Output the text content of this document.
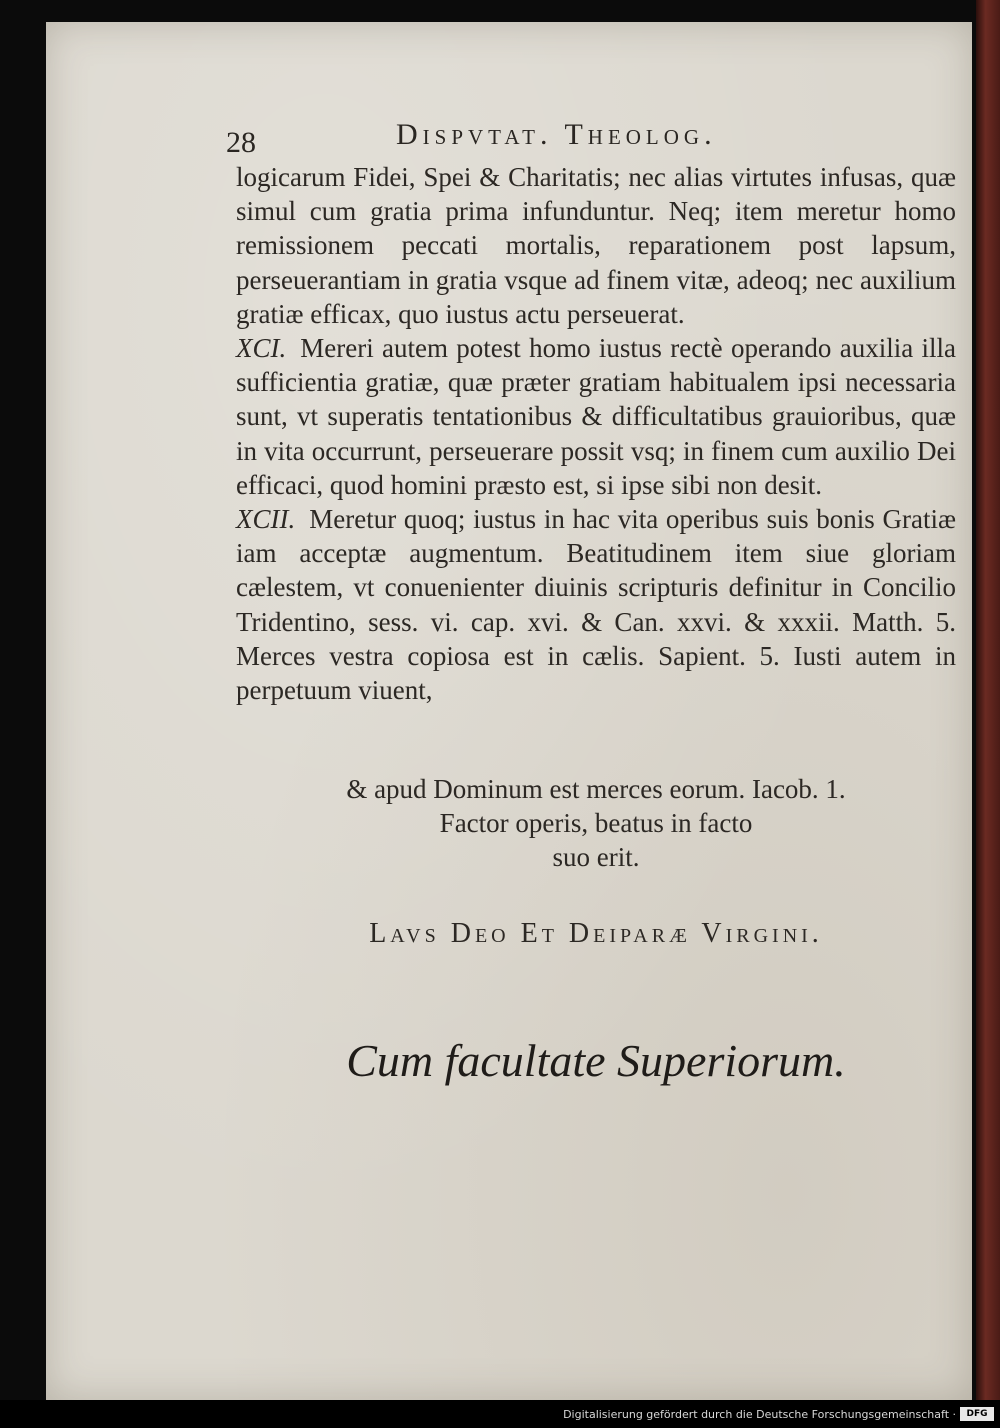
28	Dispvtat. Theolog.

logicarum Fidei, Spei & Charitatis; nec alias virtutes infusas, quæ simul cum gratia prima infunduntur. Neq; item meretur homo remissionem peccati mortalis, reparationem post lapsum, perseuerantiam in gratia vsque ad finem vitæ, adeoq; nec auxilium gratiæ efficax, quo iustus actu perseuerat.

XCI. Mereri autem potest homo iustus rectè operando auxilia illa sufficientia gratiæ, quæ præter gratiam habitualem ipsi necessaria sunt, vt superatis tentationibus & difficultatibus grauioribus, quæ in vita occurrunt, perseuerare possit vsq; in finem cum auxilio Dei efficaci, quod homini præsto est, si ipse sibi non desit.

XCII. Meretur quoq; iustus in hac vita operibus suis bonis Gratiæ iam acceptæ augmentum. Beatitudinem item siue gloriam cælestem, vt conuenienter diuinis scripturis definitur in Concilio Tridentino, sess. vi. cap. xvi. & Can. xxvi. & xxxii. Matth. 5. Merces vestra copiosa est in cælis. Sapient. 5. Iusti autem in perpetuum viuent,

& apud Dominum est merces eorum. Iacob. 1.
Factor operis, beatus in facto
suo erit.
Lavs Deo Et Deiparæ Virgini.
Cum facultate Superiorum.
Digitalisierung gefördert durch die Deutsche Forschungsgemeinschaft ·	DFG
